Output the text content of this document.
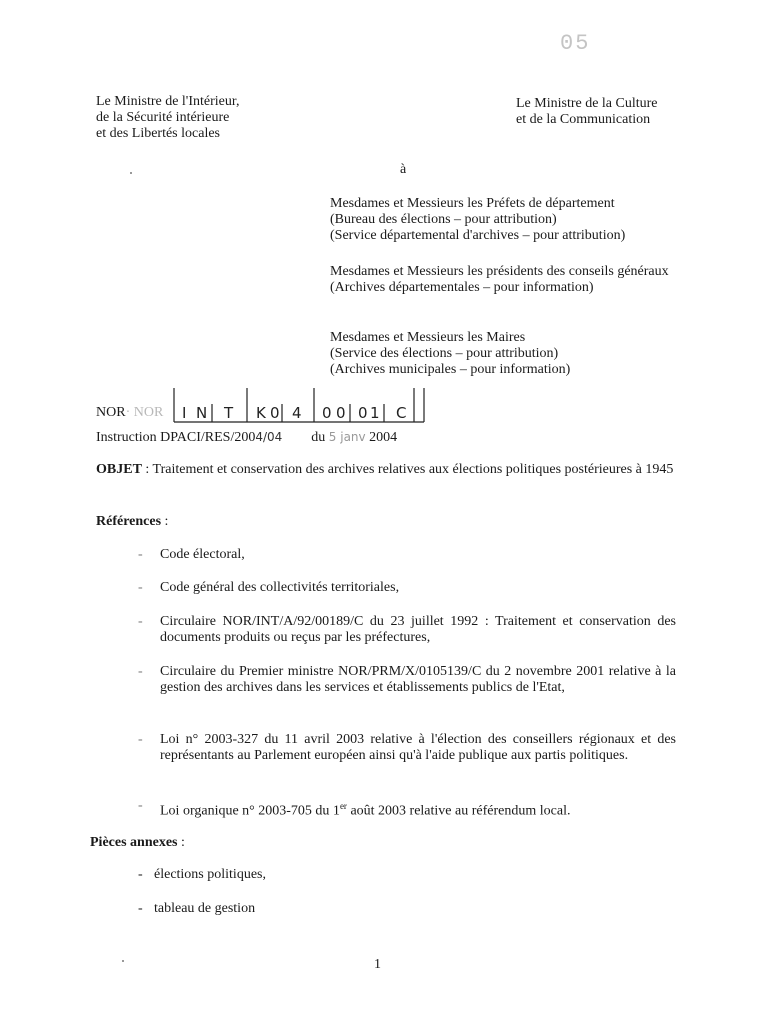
05
Le Ministre de l'Intérieur,
de la Sécurité intérieure
et des Libertés locales
Le Ministre de la Culture
et de la Communication
à
Mesdames et Messieurs les Préfets de département
(Bureau des élections – pour attribution)
(Service départemental d'archives – pour attribution)
Mesdames et Messieurs les présidents des conseils généraux
(Archives départementales – pour information)
Mesdames et Messieurs les Maires
(Service des élections – pour attribution)
(Archives municipales – pour information)
NOR· NOR I N T K 0 4 0 0 0 1 C
Instruction DPACI/RES/2004/04 du 5 janv 2004
OBJET : Traitement et conservation des archives relatives aux élections politiques postérieures à 1945
Références :
- Code électoral,
- Code général des collectivités territoriales,
- Circulaire NOR/INT/A/92/00189/C du 23 juillet 1992 : Traitement et conservation des documents produits ou reçus par les préfectures,
- Circulaire du Premier ministre NOR/PRM/X/0105139/C du 2 novembre 2001 relative à la gestion des archives dans les services et établissements publics de l'Etat,
- Loi n° 2003-327 du 11 avril 2003 relative à l'élection des conseillers régionaux et des représentants au Parlement européen ainsi qu'à l'aide publique aux partis politiques.
- Loi organique n° 2003-705 du 1er août 2003 relative au référendum local.
Pièces annexes :
- élections politiques,
- tableau de gestion
1
